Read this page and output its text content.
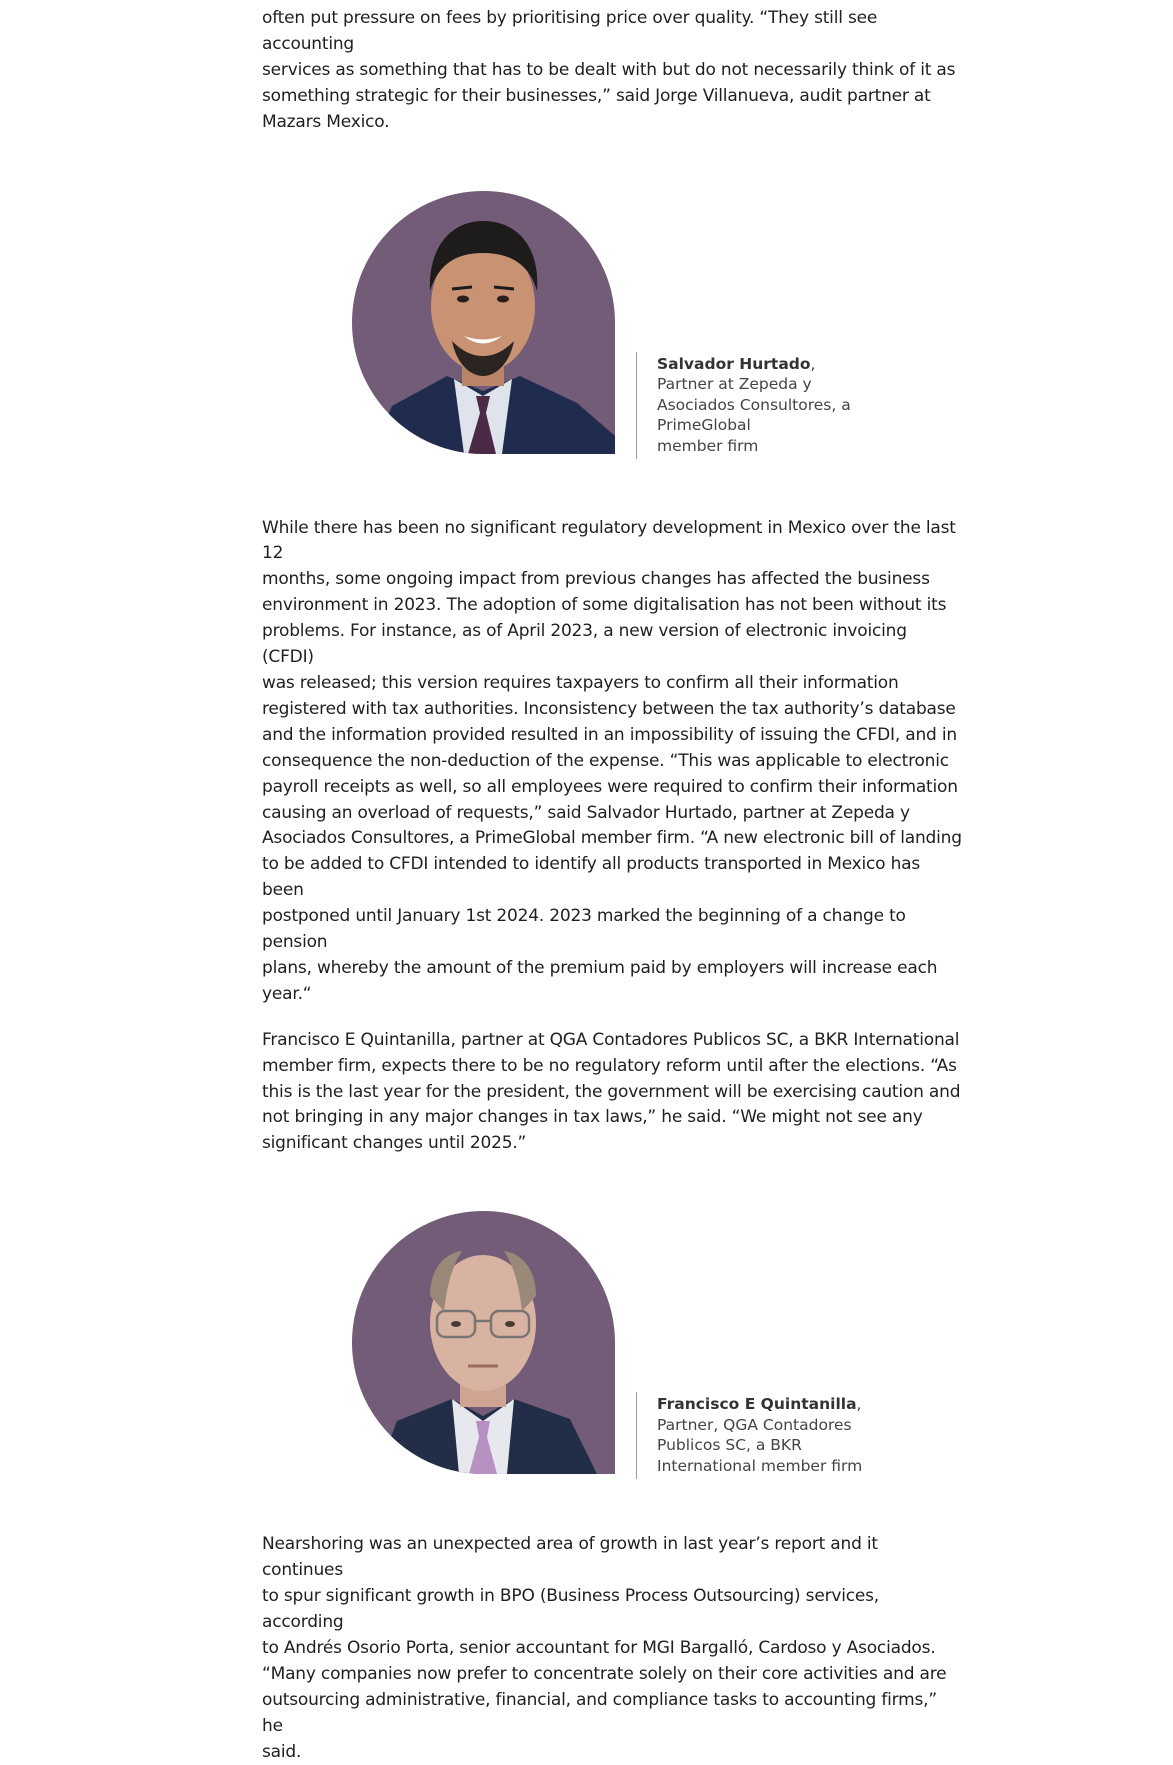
often put pressure on fees by prioritising price over quality. “They still see accounting
services as something that has to be dealt with but do not necessarily think of it as
something strategic for their businesses,” said Jorge Villanueva, audit partner at
Mazars Mexico.
Salvador Hurtado,
Partner at Zepeda y
Asociados Consultores, a
PrimeGlobal
member firm
While there has been no significant regulatory development in Mexico over the last 12
months, some ongoing impact from previous changes has affected the business
environment in 2023. The adoption of some digitalisation has not been without its
problems. For instance, as of April 2023, a new version of electronic invoicing (CFDI)
was released; this version requires taxpayers to confirm all their information
registered with tax authorities. Inconsistency between the tax authority’s database
and the information provided resulted in an impossibility of issuing the CFDI, and in
consequence the non-deduction of the expense. “This was applicable to electronic
payroll receipts as well, so all employees were required to confirm their information
causing an overload of requests,” said Salvador Hurtado, partner at Zepeda y
Asociados Consultores, a PrimeGlobal member firm. “A new electronic bill of landing
to be added to CFDI intended to identify all products transported in Mexico has been
postponed until January 1st 2024. 2023 marked the beginning of a change to pension
plans, whereby the amount of the premium paid by employers will increase each
year.“
Francisco E Quintanilla, partner at QGA Contadores Publicos SC, a BKR International
member firm, expects there to be no regulatory reform until after the elections. “As
this is the last year for the president, the government will be exercising caution and
not bringing in any major changes in tax laws,” he said. “We might not see any
significant changes until 2025.”
Francisco E Quintanilla,
Partner, QGA Contadores
Publicos SC, a BKR
International member firm
Nearshoring was an unexpected area of growth in last year’s report and it continues
to spur significant growth in BPO (Business Process Outsourcing) services, according
to Andrés Osorio Porta, senior accountant for MGI Bargalló, Cardoso y Asociados.
“Many companies now prefer to concentrate solely on their core activities and are
outsourcing administrative, financial, and compliance tasks to accounting firms,” he
said.
